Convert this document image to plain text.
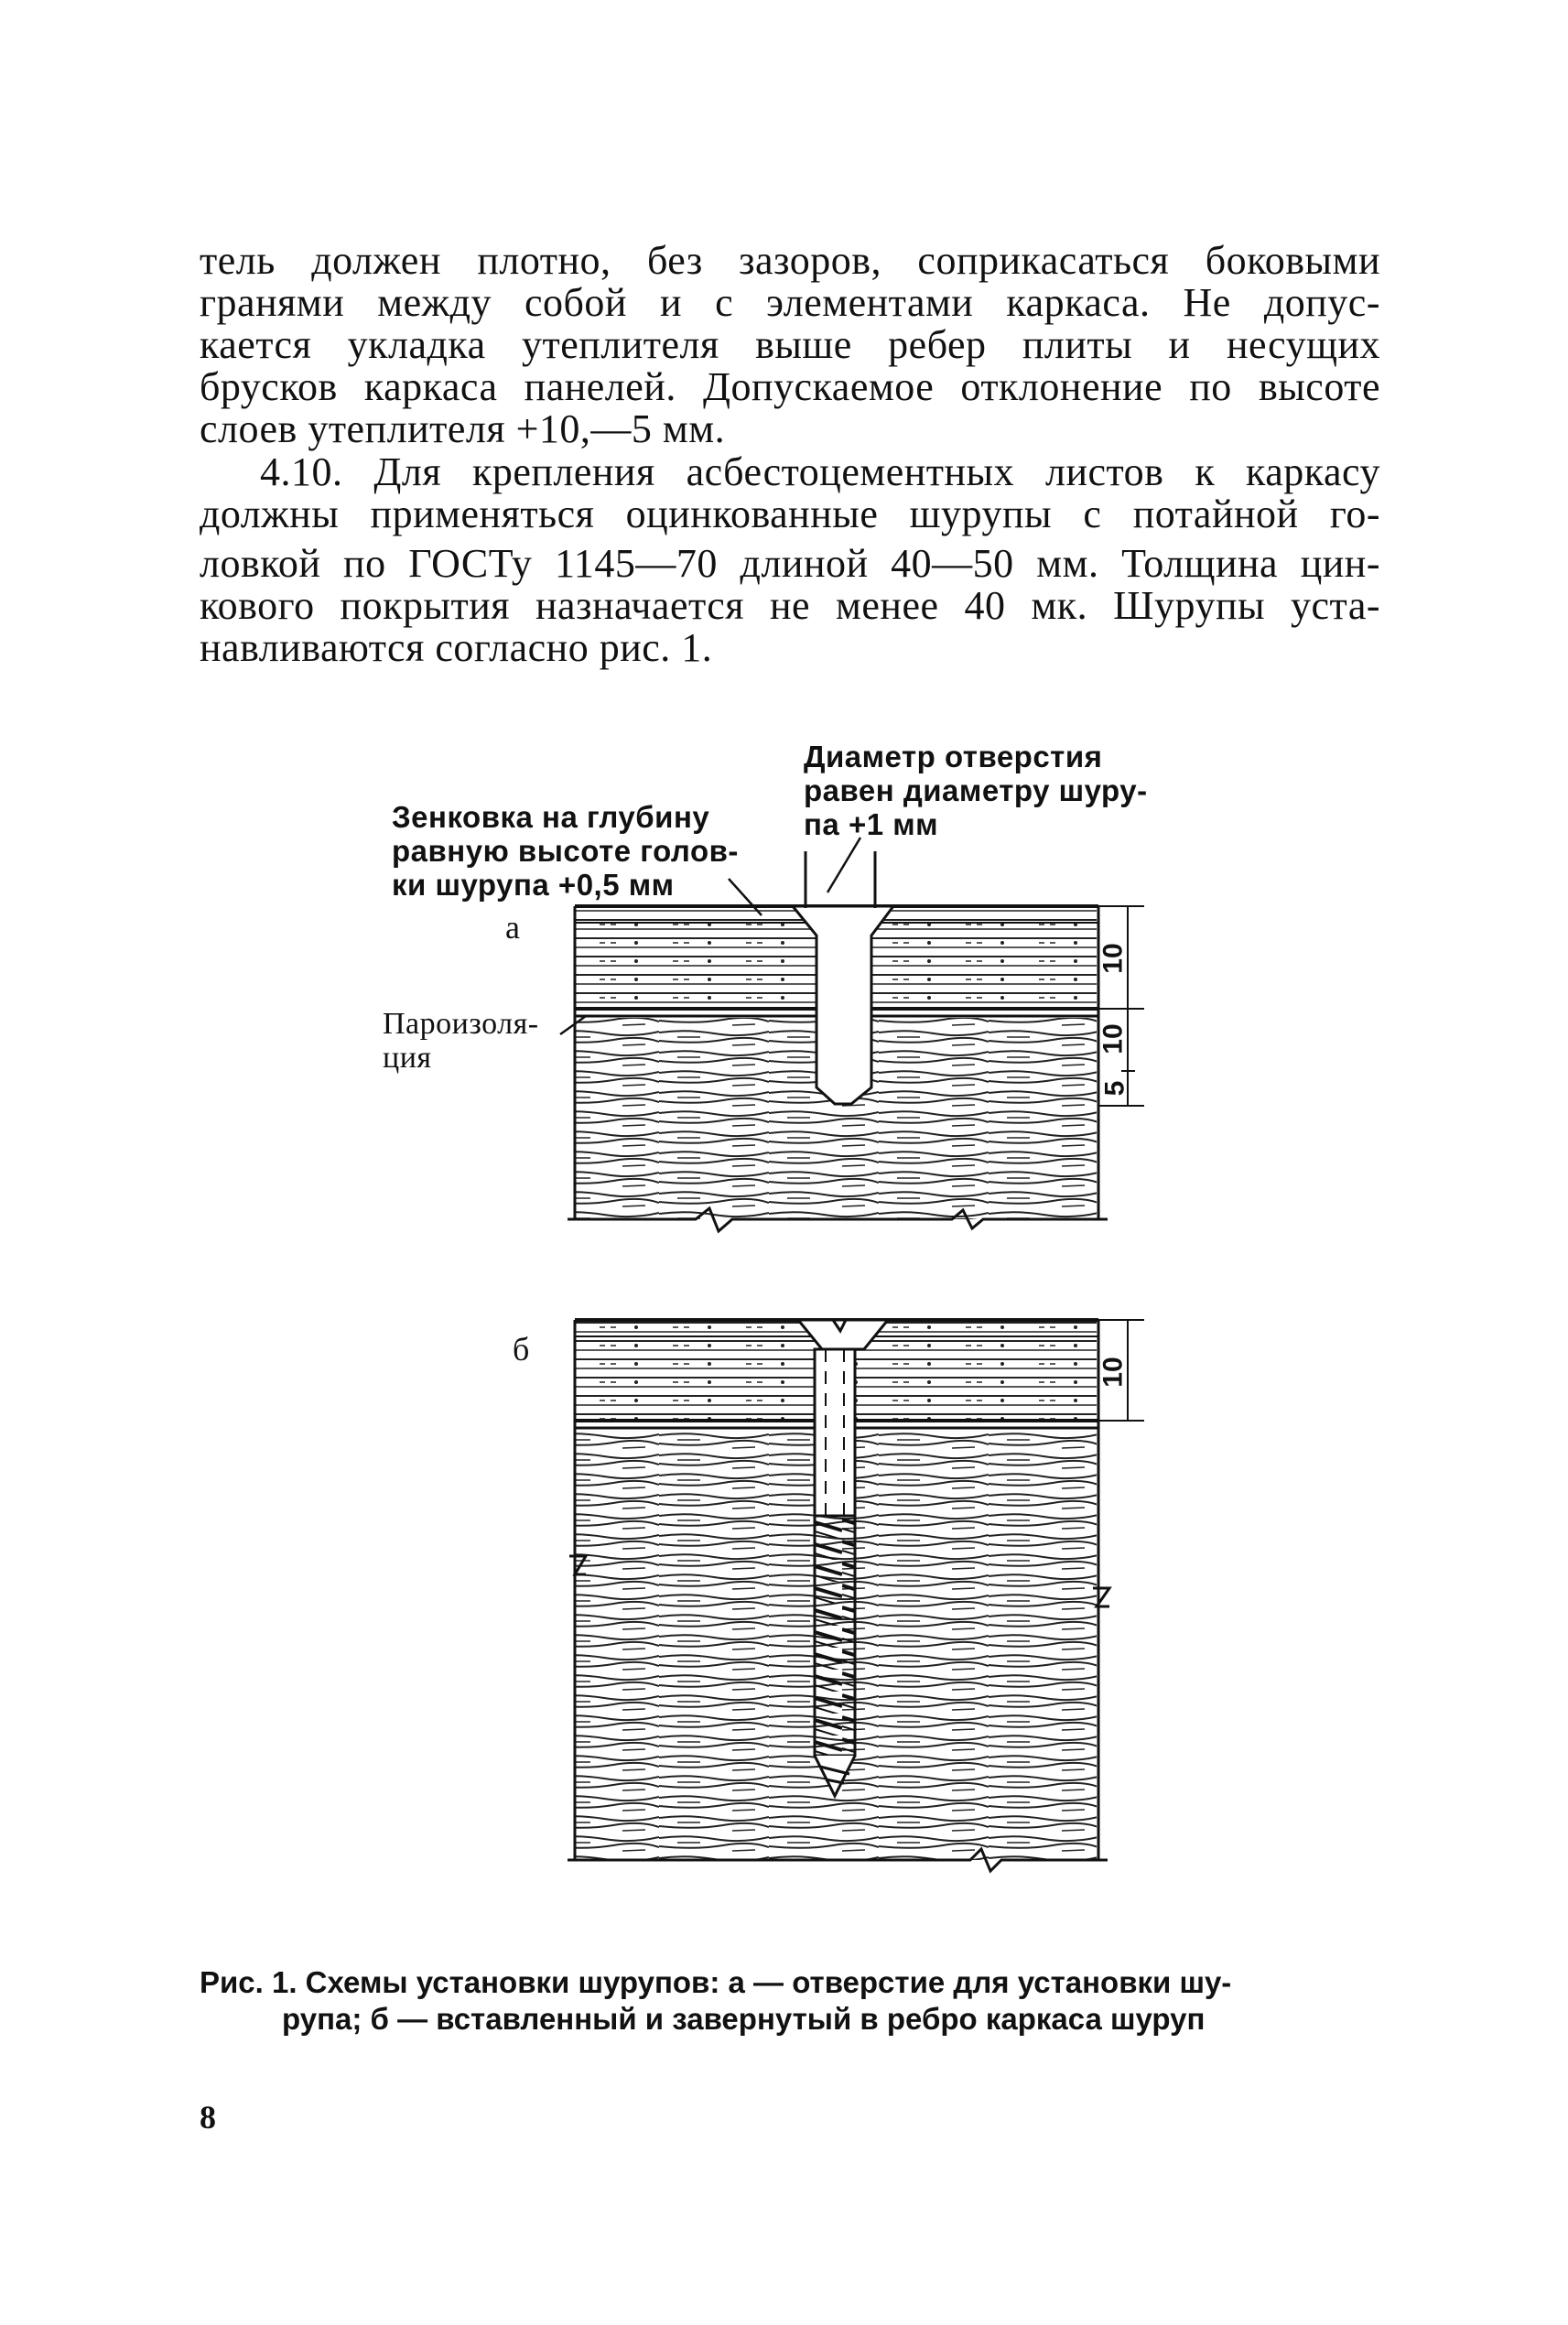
тель должен плотно, без зазоров, соприкасаться боковыми
гранями между собой и с элементами каркаса. Не допус-
кается укладка утеплителя выше ребер плиты и несущих
брусков каркаса панелей. Допускаемое отклонение по высоте
слоев утеплителя +10,—5 мм.
4.10. Для крепления асбестоцементных листов к каркасу
должны применяться оцинкованные шурупы с потайной го-
ловкой по ГОСТу 1145—70 длиной 40—50 мм. Толщина цин-
кового покрытия назначается не менее 40 мк. Шурупы уста-
навливаются согласно рис. 1.
Диаметр отверстия
равен диаметру шуру-
па +1 мм
Зенковка на глубину
равную высоте голов-
ки шурупа +0,5 мм
Пароизоля-
ция
а
б
10
10
5
10
Рис. 1. Схемы установки шурупов: а — отверстие для установки шу-
рупа; б — вставленный и завернутый в ребро каркаса шуруп
8
